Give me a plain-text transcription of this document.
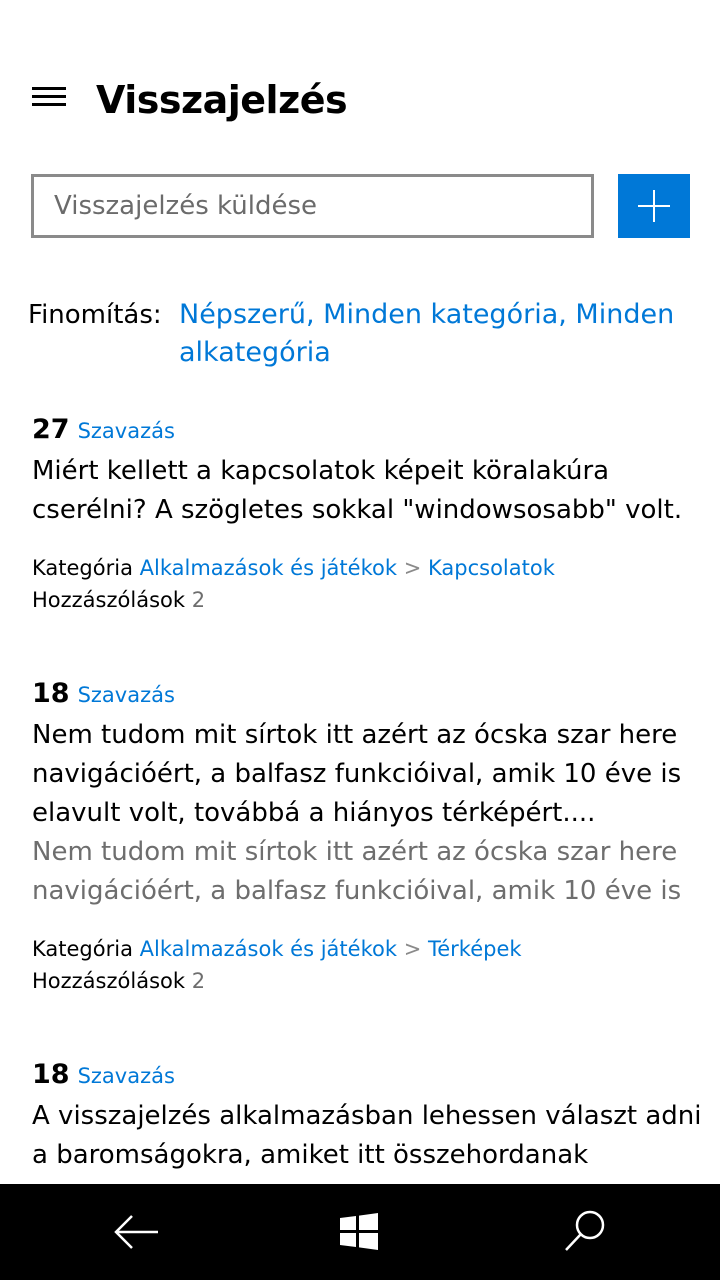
Visszajelzés
Visszajelzés küldése
Finomítás: Népszerű, Minden kategória, Minden alkategória
27 Szavazás
Miért kellett a kapcsolatok képeit köralakúra cserélni? A szögletes sokkal "windowsosabb" volt.
Kategória Alkalmazások és játékok > Kapcsolatok
Hozzászólások 2
18 Szavazás
Nem tudom mit sírtok itt azért az ócska szar here navigációért, a balfasz funkcióival, amik 10 éve is elavult volt, továbbá a hiányos térképért....
Nem tudom mit sírtok itt azért az ócska szar here
navigációért, a balfasz funkcióival, amik 10 éve is
Kategória Alkalmazások és játékok > Térképek
Hozzászólások 2
18 Szavazás
A visszajelzés alkalmazásban lehessen választ adni a baromságokra, amiket itt összehordanak
